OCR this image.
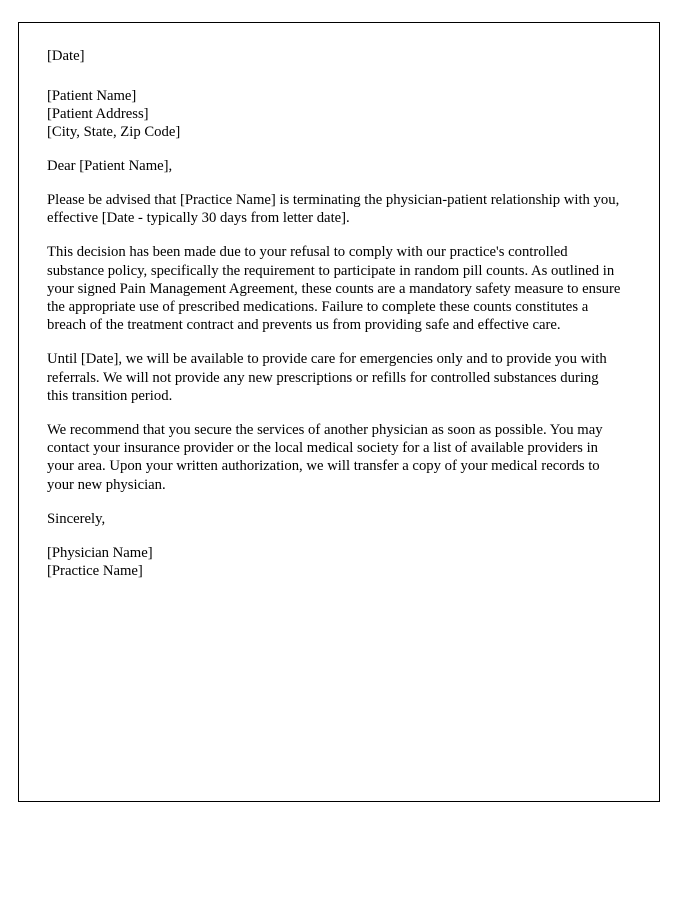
[Date]
[Patient Name]
[Patient Address]
[City, State, Zip Code]
Dear [Patient Name],

Please be advised that [Practice Name] is terminating the physician-patient relationship with you, effective [Date - typically 30 days from letter date].

This decision has been made due to your refusal to comply with our practice's controlled substance policy, specifically the requirement to participate in random pill counts. As outlined in your signed Pain Management Agreement, these counts are a mandatory safety measure to ensure the appropriate use of prescribed medications. Failure to complete these counts constitutes a breach of the treatment contract and prevents us from providing safe and effective care.

Until [Date], we will be available to provide care for emergencies only and to provide you with referrals. We will not provide any new prescriptions or refills for controlled substances during this transition period.

We recommend that you secure the services of another physician as soon as possible. You may contact your insurance provider or the local medical society for a list of available providers in your area. Upon your written authorization, we will transfer a copy of your medical records to your new physician.

Sincerely,
[Physician Name]
[Practice Name]
